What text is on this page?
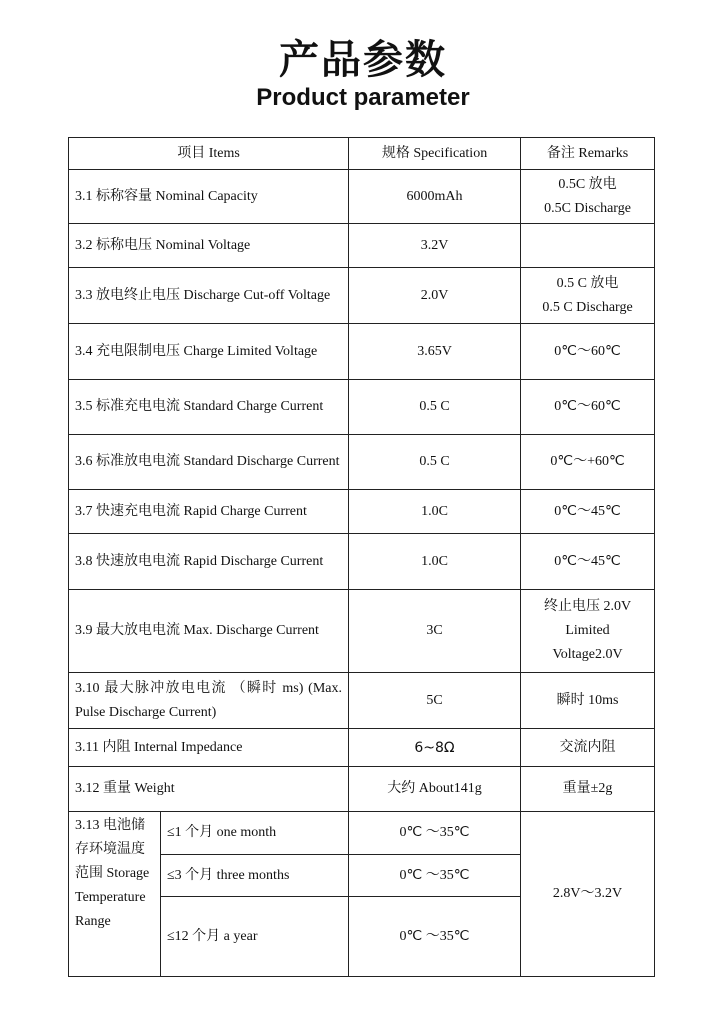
产品参数
Product parameter
项目 Items		规格 Specification	备注 Remarks
3.1 标称容量 Nominal Capacity		6000mAh	0.5C 放电
0.5C Discharge

3.2 标称电压 Nominal Voltage		3.2V	
3.3 放电终止电压 Discharge Cut-off Voltage		2.0V	0.5 C 放电
0.5 C Discharge

3.4 充电限制电压 Charge Limited Voltage		3.65V	0℃～60℃
3.5 标准充电电流 Standard Charge Current		0.5 C	0℃～60℃
3.6 标准放电电流 Standard Discharge Current		0.5 C	0℃～+60℃
3.7 快速充电电流 Rapid Charge Current		1.0C	0℃～45℃
3.8 快速放电电流 Rapid Discharge Current		1.0C	0℃～45℃
3.9 最大放电电流 Max. Discharge Current		3C	终止电压 2.0V
Limited
Voltage2.0V

3.10 最大脉冲放电电流 （瞬时 ms) (Max. Pulse Discharge Current)		5C	瞬时 10ms
3.11 内阻 Internal Impedance		6~8Ω	交流内阻
3.12 重量 Weight		大约 About141g	重量±2g
3.13 电池储存环境温度范围 Storage Temperature Range	≤1 个月 one month	0℃ ～35℃	2.8V～3.2V
	≤3 个月 three months	0℃ ～35℃	
	≤12 个月 a year	0℃ ～35℃	
